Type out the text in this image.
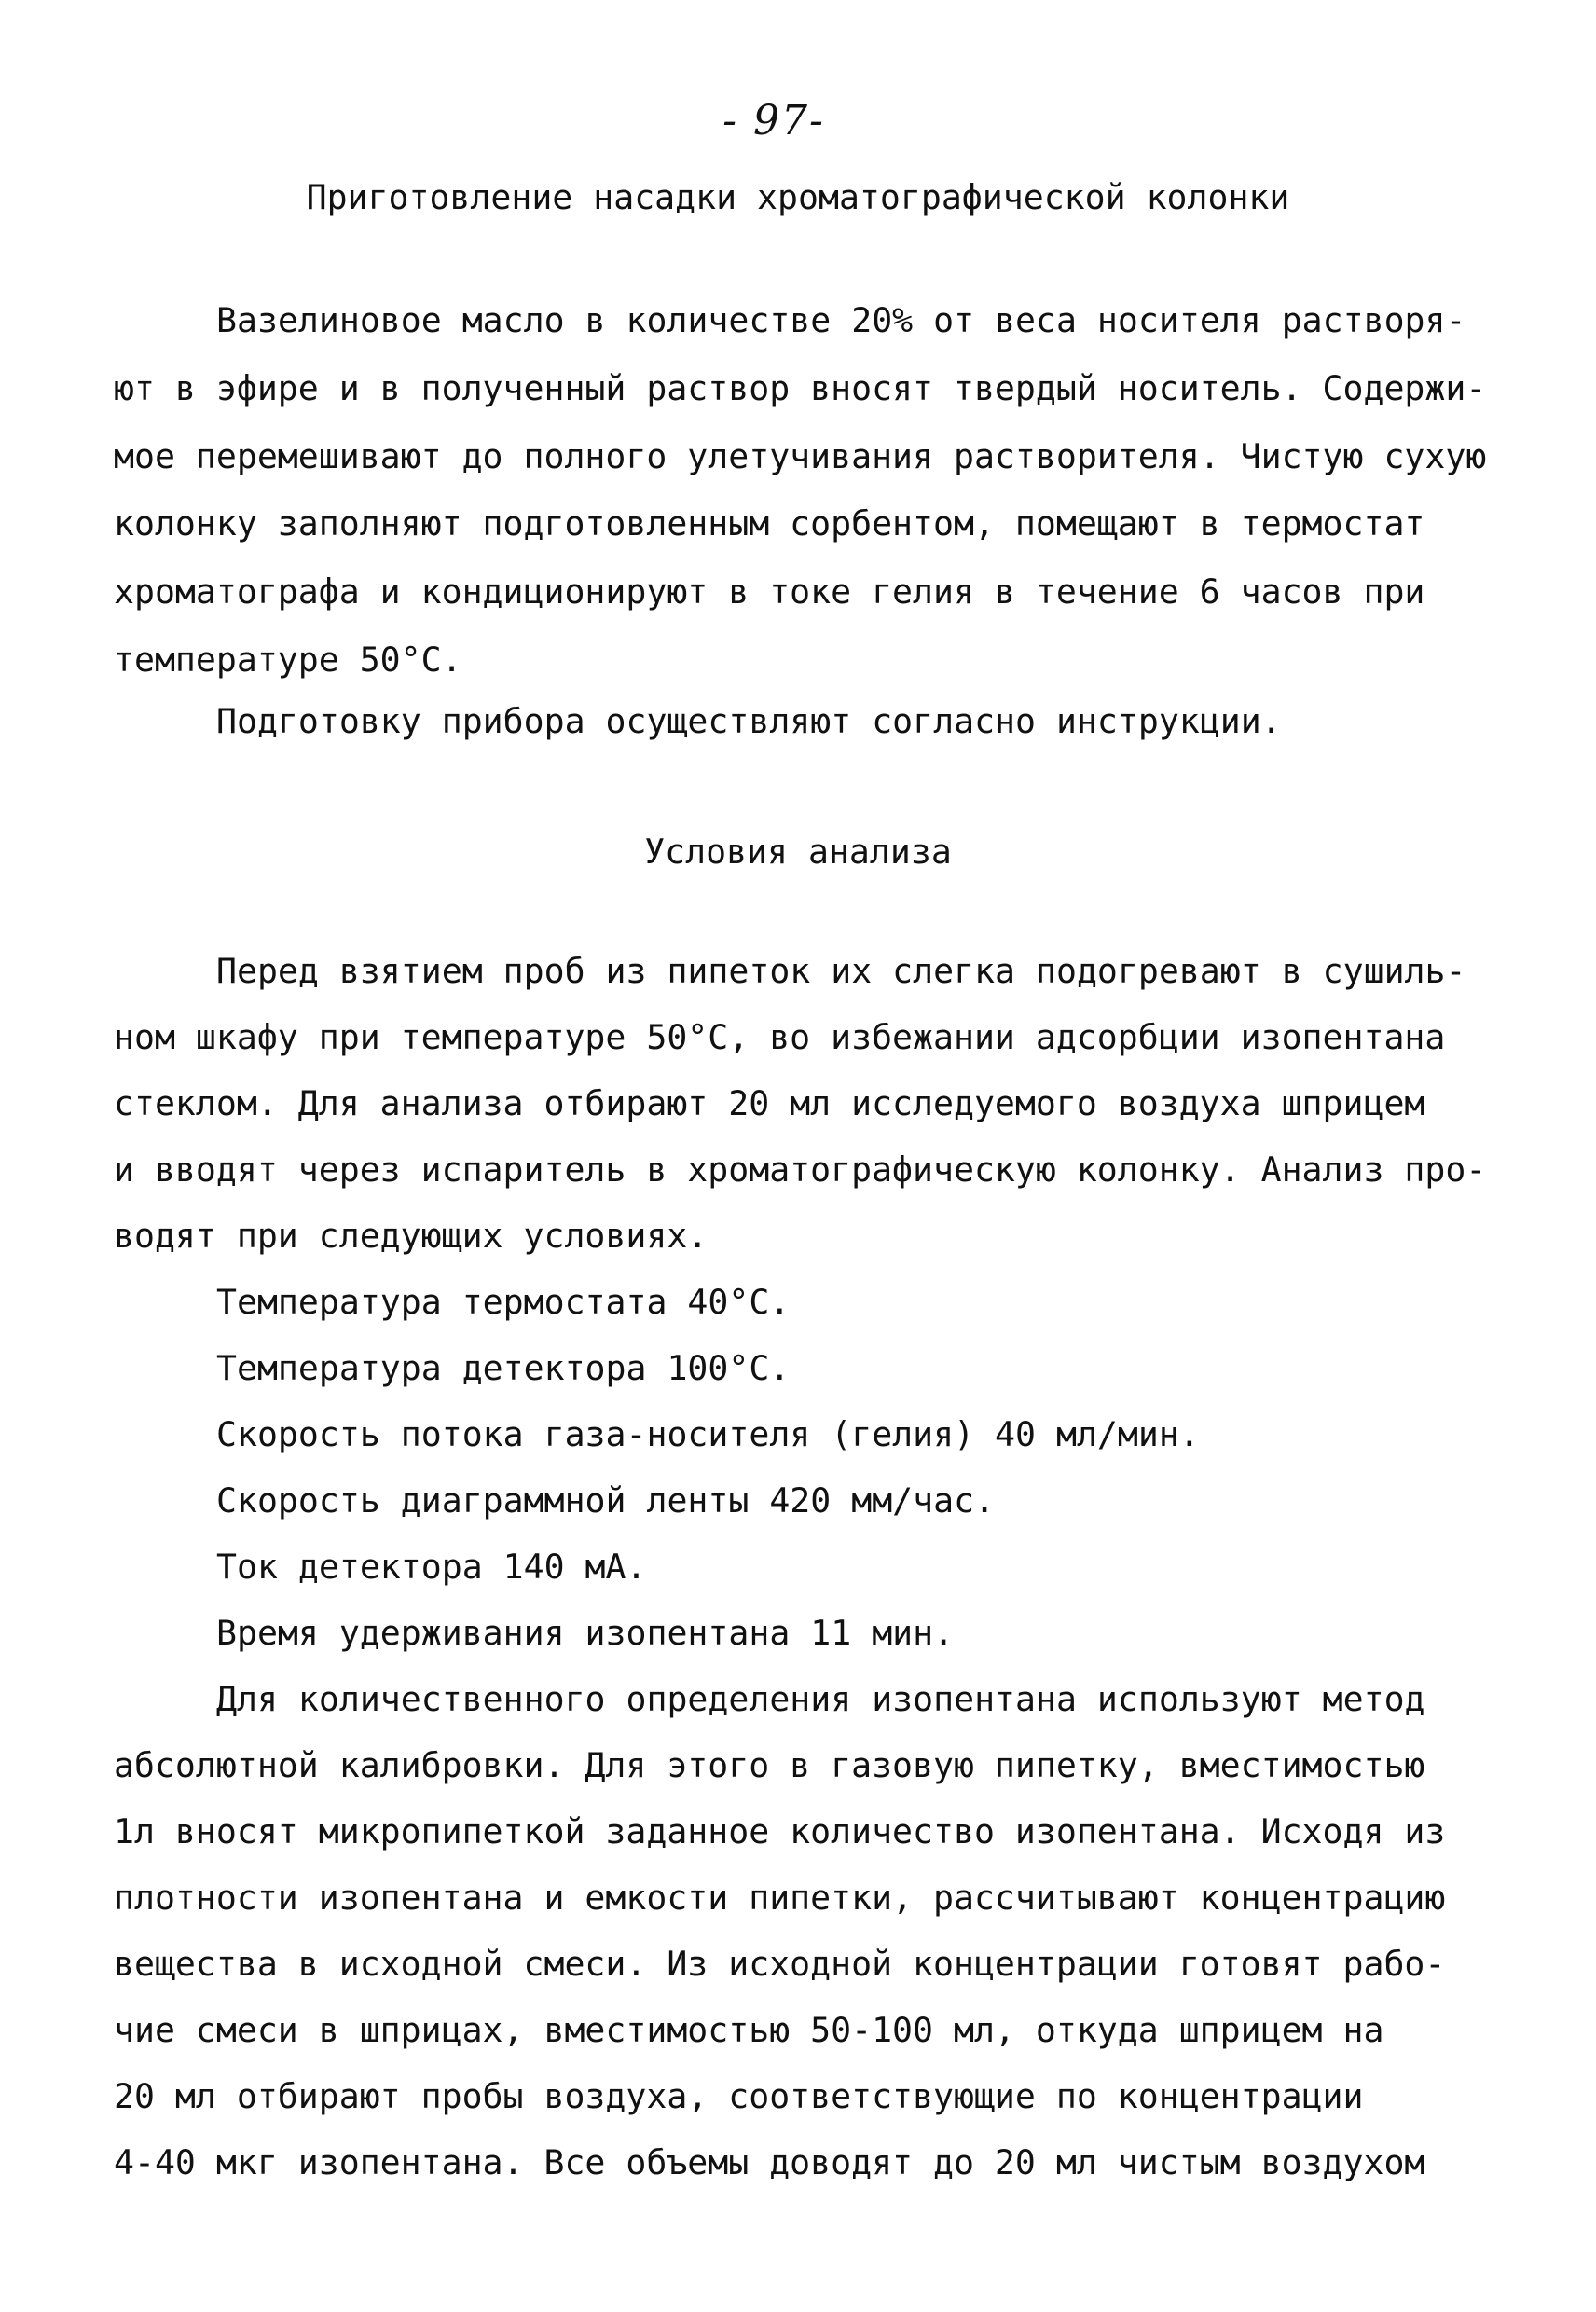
- 97-
Приготовление насадки хроматографической колонки
Вазелиновое масло в количестве 20% от веса носителя растворя-
ют в эфире и в полученный раствор вносят твердый носитель. Содержи-
мое перемешивают до полного улетучивания растворителя. Чистую сухую
колонку заполняют подготовленным сорбентом, помещают в термостат
хроматографа и кондиционируют в токе гелия в течение 6 часов при
температуре 50°С.
Подготовку прибора осуществляют согласно инструкции.
Условия анализа
Перед взятием проб из пипеток их слегка подогревают в сушиль-
ном шкафу при температуре 50°С, во избежании адсорбции изопентана
стеклом. Для анализа отбирают 20 мл исследуемого воздуха шприцем
и вводят через испаритель в хроматографическую колонку. Анализ про-
водят при следующих условиях.
Температура термостата 40°С.
Температура детектора 100°С.
Скорость потока газа-носителя (гелия) 40 мл/мин.
Скорость диаграммной ленты 420 мм/час.
Ток детектора 140 мА.
Время удерживания изопентана 11 мин.
Для количественного определения изопентана используют метод
абсолютной калибровки. Для этого в газовую пипетку, вместимостью
1л вносят микропипеткой заданное количество изопентана. Исходя из
плотности изопентана и емкости пипетки, рассчитывают концентрацию
вещества в исходной смеси. Из исходной концентрации готовят рабо-
чие смеси в шприцах, вместимостью 50-100 мл, откуда шприцем на
20 мл отбирают пробы воздуха, соответствующие по концентрации
4-40 мкг изопентана. Все объемы доводят до 20 мл чистым воздухом
